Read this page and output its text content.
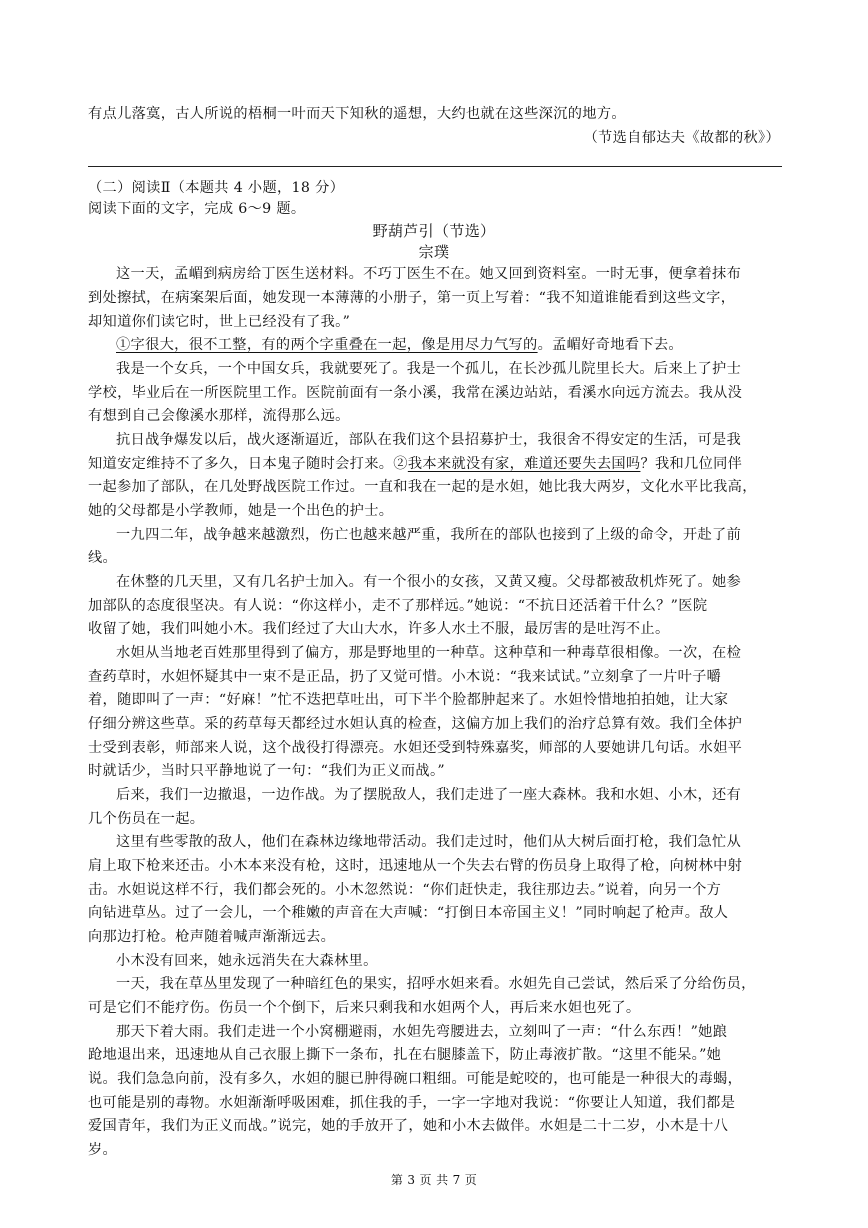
有点儿落寞，古人所说的梧桐一叶而天下知秋的遥想，大约也就在这些深沉的地方。
（节选自郁达夫《故都的秋》）
（二）阅读Ⅱ（本题共 4 小题，18 分）
阅读下面的文字，完成 6～9 题。
野葫芦引（节选）
宗璞
这一天，孟嵋到病房给丁医生送材料。不巧丁医生不在。她又回到资料室。一时无事，便拿着抹布
到处擦拭，在病案架后面，她发现一本薄薄的小册子，第一页上写着：“我不知道谁能看到这些文字，
却知道你们读它时，世上已经没有了我。”
①字很大，很不工整，有的两个字重叠在一起，像是用尽力气写的。孟嵋好奇地看下去。
我是一个女兵，一个中国女兵，我就要死了。我是一个孤儿，在长沙孤儿院里长大。后来上了护士
学校，毕业后在一所医院里工作。医院前面有一条小溪，我常在溪边站站，看溪水向远方流去。我从没
有想到自己会像溪水那样，流得那么远。
抗日战争爆发以后，战火逐渐逼近，部队在我们这个县招募护士，我很舍不得安定的生活，可是我
知道安定维持不了多久，日本鬼子随时会打来。②我本来就没有家，难道还要失去国吗？我和几位同伴
一起参加了部队，在几处野战医院工作过。一直和我在一起的是水妲，她比我大两岁，文化水平比我高，
她的父母都是小学教师，她是一个出色的护士。
一九四二年，战争越来越激烈，伤亡也越来越严重，我所在的部队也接到了上级的命令，开赴了前
线。
在休整的几天里，又有几名护士加入。有一个很小的女孩，又黄又瘦。父母都被敌机炸死了。她参
加部队的态度很坚决。有人说：“你这样小，走不了那样远。”她说：“不抗日还活着干什么？”医院
收留了她，我们叫她小木。我们经过了大山大水，许多人水土不服，最厉害的是吐泻不止。
水妲从当地老百姓那里得到了偏方，那是野地里的一种草。这种草和一种毒草很相像。一次，在检
查药草时，水妲怀疑其中一束不是正品，扔了又觉可惜。小木说：“我来试试。”立刻拿了一片叶子嚼
着，随即叫了一声：“好麻！”忙不迭把草吐出，可下半个脸都肿起来了。水妲怜惜地拍拍她，让大家
仔细分辨这些草。采的药草每天都经过水妲认真的检查，这偏方加上我们的治疗总算有效。我们全体护
士受到表彰，师部来人说，这个战役打得漂亮。水妲还受到特殊嘉奖，师部的人要她讲几句话。水妲平
时就话少，当时只平静地说了一句：“我们为正义而战。”
后来，我们一边撤退，一边作战。为了摆脱敌人，我们走进了一座大森林。我和水妲、小木，还有
几个伤员在一起。
这里有些零散的敌人，他们在森林边缘地带活动。我们走过时，他们从大树后面打枪，我们急忙从
肩上取下枪来还击。小木本来没有枪，这时，迅速地从一个失去右臂的伤员身上取得了枪，向树林中射
击。水妲说这样不行，我们都会死的。小木忽然说：“你们赶快走，我往那边去。”说着，向另一个方
向钻进草丛。过了一会儿，一个稚嫩的声音在大声喊：“打倒日本帝国主义！”同时响起了枪声。敌人
向那边打枪。枪声随着喊声渐渐远去。
小木没有回来，她永远消失在大森林里。
一天，我在草丛里发现了一种暗红色的果实，招呼水妲来看。水妲先自己尝试，然后采了分给伤员，
可是它们不能疗伤。伤员一个个倒下，后来只剩我和水妲两个人，再后来水妲也死了。
那天下着大雨。我们走进一个小窝棚避雨，水妲先弯腰进去，立刻叫了一声：“什么东西！”她踉
跄地退出来，迅速地从自己衣服上撕下一条布，扎在右腿膝盖下，防止毒液扩散。“这里不能呆。”她
说。我们急急向前，没有多久，水妲的腿已肿得碗口粗细。可能是蛇咬的，也可能是一种很大的毒蝎，
也可能是别的毒物。水妲渐渐呼吸困难，抓住我的手，一字一字地对我说：“你要让人知道，我们都是
爱国青年，我们为正义而战。”说完，她的手放开了，她和小木去做伴。水妲是二十二岁，小木是十八
岁。
第 3 页 共 7 页
